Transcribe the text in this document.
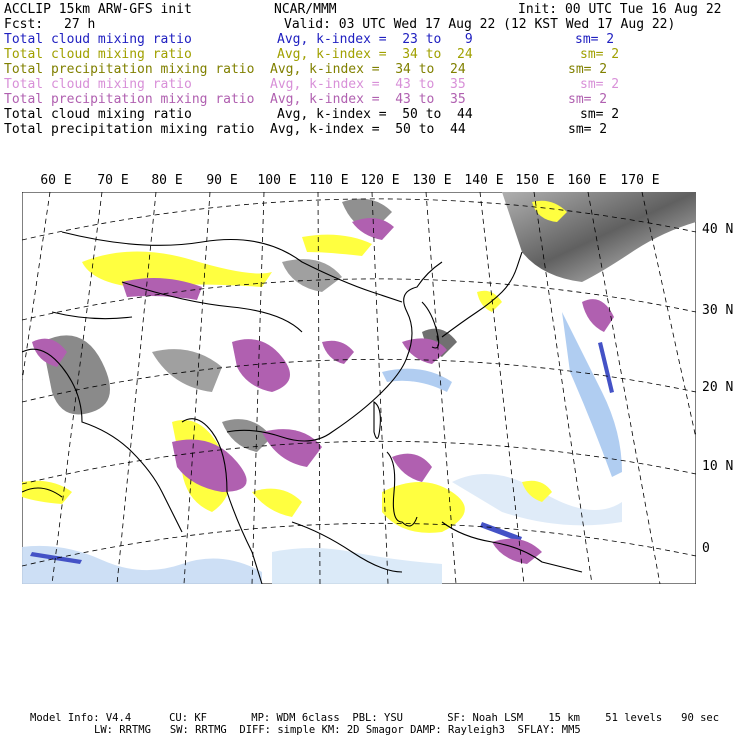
ACCLIP 15km ARW-GFS init	NCAR/MMM	Init: 00 UTC Tue 16 Aug 22
Fcst: 27 h	Valid: 03 UTC Wed 17 Aug 22 (12 KST Wed 17 Aug 22)
Total cloud mixing ratio	Avg, k-index =  23 to   9	sm= 2
Total cloud mixing ratio	Avg, k-index =  34 to  24	sm= 2
Total precipitation mixing ratio Avg, k-index =  34 to  24	sm= 2
Total cloud mixing ratio	Avg, k-index =  43 to  35	sm= 2
Total precipitation mixing ratio Avg, k-index =  43 to  35	sm= 2
Total cloud mixing ratio	Avg, k-index =  50 to  44	sm= 2
Total precipitation mixing ratio Avg, k-index =  50 to  44	sm= 2
60 E 70 E 80 E 90 E 100 E 110 E 120 E 130 E 140 E 150 E 160 E 170 E
40 N
30 N
20 N
10 N
0
Model Info: V4.4      CU: KF       MP: WDM 6class  PBL: YSU       SF: Noah LSM    15 km    51 levels   90 sec
LW: RRTMG   SW: RRTMG  DIFF: simple KM: 2D Smagor DAMP: Rayleigh3  SFLAY: MM5
